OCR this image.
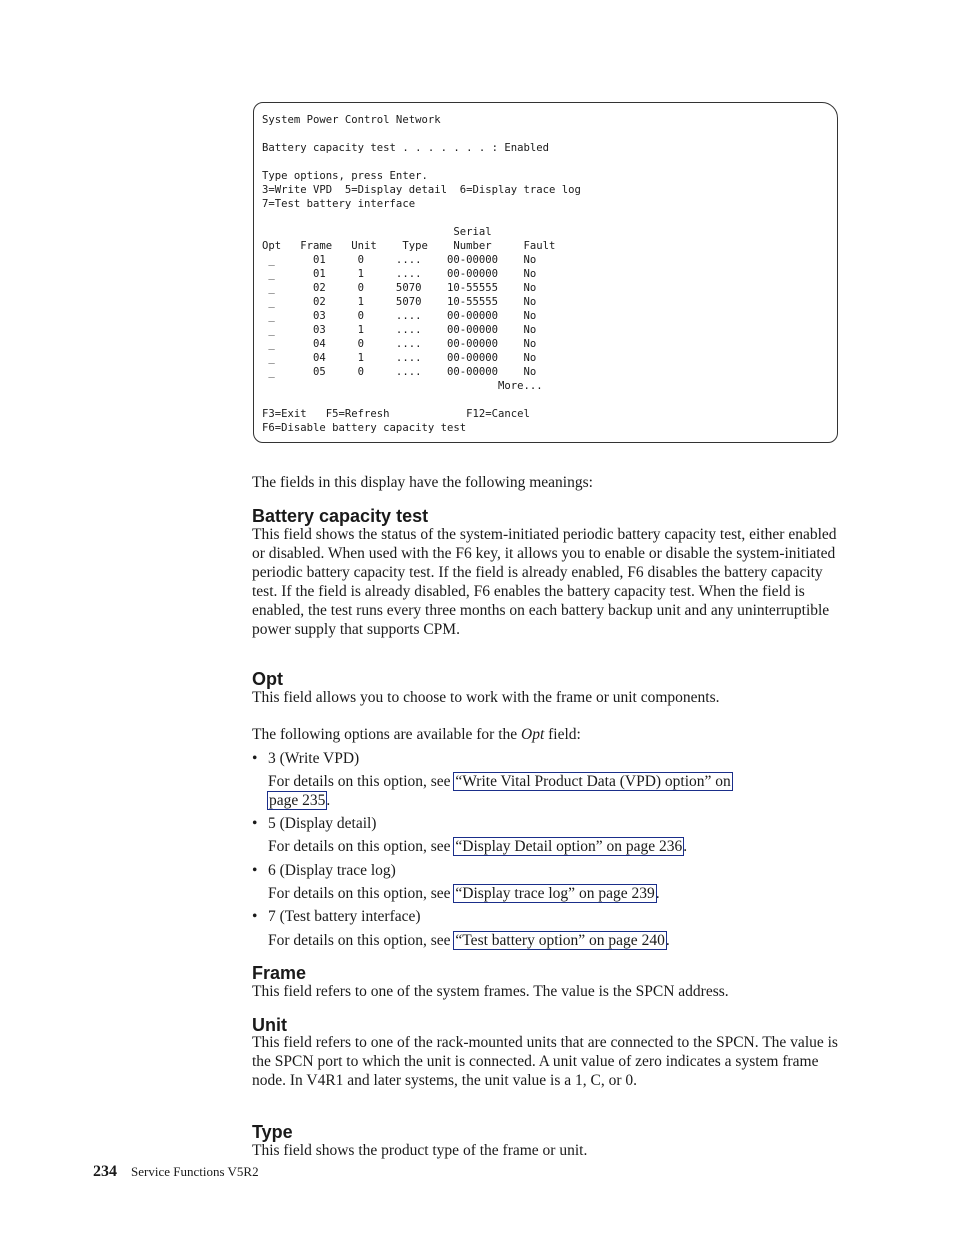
System Power Control Network

Battery capacity test . . . . . . . : Enabled

Type options, press Enter.
3=Write VPD  5=Display detail  6=Display trace log
7=Test battery interface

Serial
Opt   Frame   Unit    Type    Number     Fault
_      01     0     ....    00-00000    No
_      01     1     ....    00-00000    No
_      02     0     5070    10-55555    No
_      02     1     5070    10-55555    No
_      03     0     ....    00-00000    No
_      03     1     ....    00-00000    No
_      04     0     ....    00-00000    No
_      04     1     ....    00-00000    No
_      05     0     ....    00-00000    No
More...

F3=Exit   F5=Refresh            F12=Cancel
F6=Disable battery capacity test
The fields in this display have the following meanings:
Battery capacity test
This field shows the status of the system-initiated periodic battery capacity test, either enabled or disabled. When used with the F6 key, it allows you to enable or disable the system-initiated periodic battery capacity test. If the field is already enabled, F6 disables the battery capacity test. If the field is already disabled, F6 enables the battery capacity test. When the field is enabled, the test runs every three months on each battery backup unit and any uninterruptible power supply that supports CPM.
Opt
This field allows you to choose to work with the frame or unit components.
The following options are available for the Opt field:
• 3 (Write VPD)
For details on this option, see “Write Vital Product Data (VPD) option” on
page 235.
• 5 (Display detail)
For details on this option, see “Display Detail option” on page 236.
• 6 (Display trace log)
For details on this option, see “Display trace log” on page 239.
• 7 (Test battery interface)
For details on this option, see “Test battery option” on page 240.
Frame
This field refers to one of the system frames. The value is the SPCN address.
Unit
This field refers to one of the rack-mounted units that are connected to the SPCN. The value is the SPCN port to which the unit is connected. A unit value of zero indicates a system frame node. In V4R1 and later systems, the unit value is a 1, C, or 0.
Type
This field shows the product type of the frame or unit.
234 Service Functions V5R2
